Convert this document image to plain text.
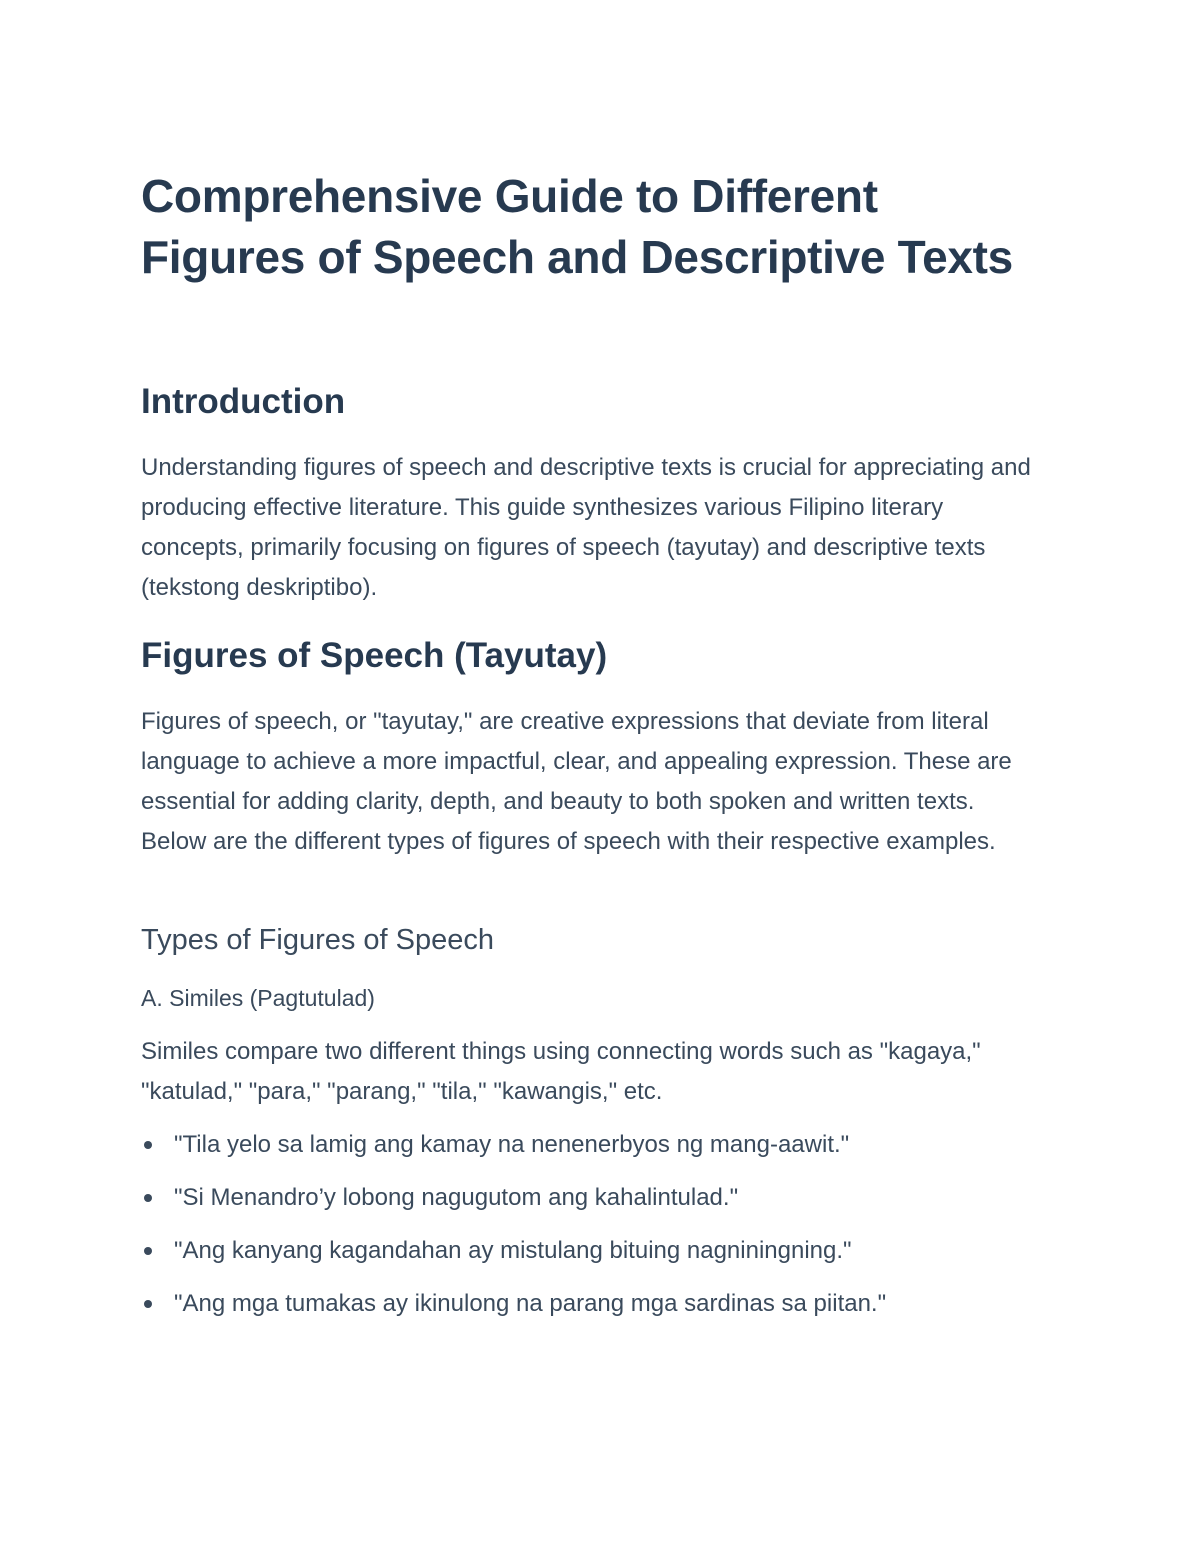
Comprehensive Guide to Different Figures of Speech and Descriptive Texts
Introduction

Understanding figures of speech and descriptive texts is crucial for appreciating and producing effective literature. This guide synthesizes various Filipino literary concepts, primarily focusing on figures of speech (tayutay) and descriptive texts (tekstong deskriptibo).

Figures of Speech (Tayutay)

Figures of speech, or "tayutay," are creative expressions that deviate from literal language to achieve a more impactful, clear, and appealing expression. These are essential for adding clarity, depth, and beauty to both spoken and written texts. Below are the different types of figures of speech with their respective examples.

Types of Figures of Speech
A. Similes (Pagtutulad)

Similes compare two different things using connecting words such as "kagaya," "katulad," "para," "parang," "tila," "kawangis," etc.

"Tila yelo sa lamig ang kamay na nenenerbyos ng mang-aawit."
"Si Menandro’y lobong nagugutom ang kahalintulad."
"Ang kanyang kagandahan ay mistulang bituing nagniningning."
"Ang mga tumakas ay ikinulong na parang mga sardinas sa piitan."
